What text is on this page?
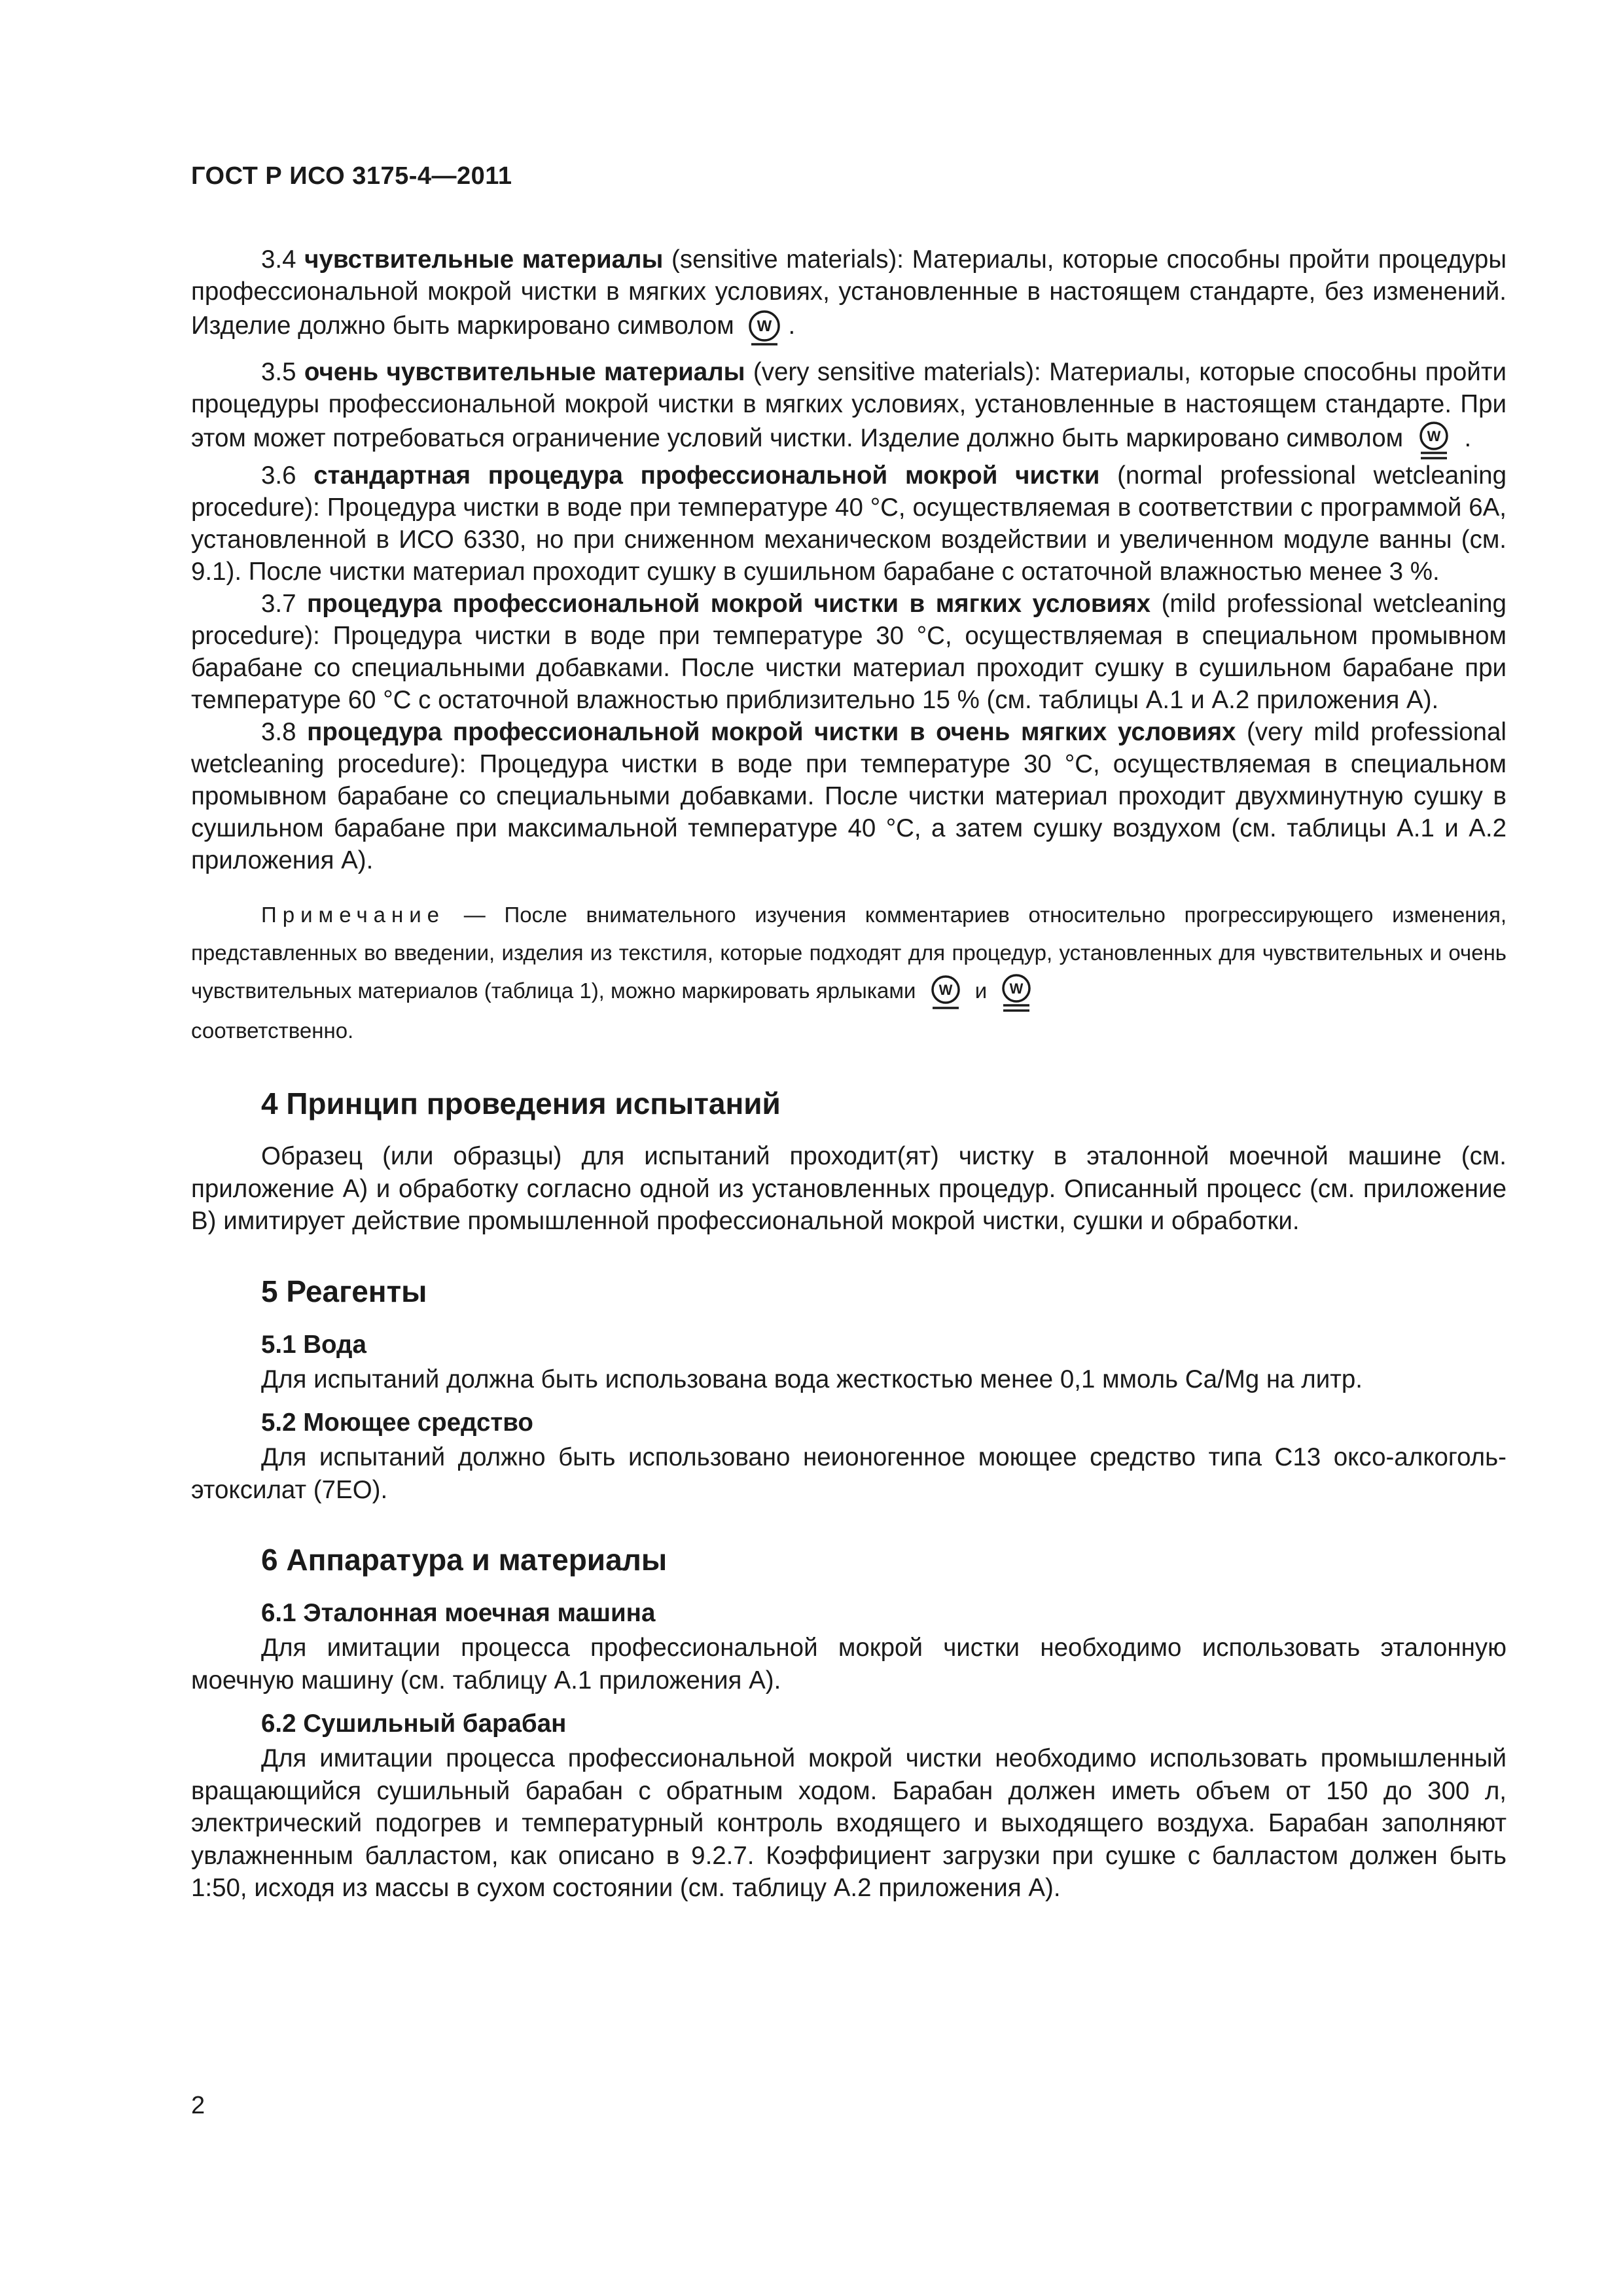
ГОСТ Р ИСО 3175-4—2011

3.4 чувствительные материалы (sensitive materials): Материалы, которые способны пройти процедуры профессиональной мокрой чистки в мягких условиях, установленные в настоящем стандарте, без изменений. Изделие должно быть маркировано символом W .

3.5 очень чувствительные материалы (very sensitive materials): Материалы, которые способны пройти процедуры профессиональной мокрой чистки в мягких условиях, установленные в настоящем стандарте. При этом может потребоваться ограничение условий чистки. Изделие должно быть маркировано символом W .

3.6 стандартная процедура профессиональной мокрой чистки (normal professional wetcleaning procedure): Процедура чистки в воде при температуре 40 °С, осуществляемая в соответствии с программой 6А, установленной в ИСО 6330, но при сниженном механическом воздействии и увеличенном модуле ванны (см. 9.1). После чистки материал проходит сушку в сушильном барабане с остаточной влажностью менее 3 %.

3.7 процедура профессиональной мокрой чистки в мягких условиях (mild professional wetcleaning procedure): Процедура чистки в воде при температуре 30 °С, осуществляемая в специальном промывном барабане со специальными добавками. После чистки материал проходит сушку в сушильном барабане при температуре 60 °С с остаточной влажностью приблизительно 15 % (см. таблицы А.1 и А.2 приложения А).

3.8 процедура профессиональной мокрой чистки в очень мягких условиях (very mild professional wetcleaning procedure): Процедура чистки в воде при температуре 30 °С, осуществляемая в специальном промывном барабане со специальными добавками. После чистки материал проходит двухминутную сушку в сушильном барабане при максимальной температуре 40 °С, а затем сушку воздухом (см. таблицы А.1 и А.2 приложения А).

Примечание — После внимательного изучения комментариев относительно прогрессирующего изменения, представленных во введении, изделия из текстиля, которые подходят для процедур, установленных для чувствительных и очень чувствительных материалов (таблица 1), можно маркировать ярлыками W и W

соответственно.

4 Принцип проведения испытаний

Образец (или образцы) для испытаний проходит(ят) чистку в эталонной моечной машине (см. приложение А) и обработку согласно одной из установленных процедур. Описанный процесс (см. приложение В) имитирует действие промышленной профессиональной мокрой чистки, сушки и обработки.

5 Реагенты
5.1 Вода

Для испытаний должна быть использована вода жесткостью менее 0,1 ммоль Ca/Mg на литр.

5.2 Моющее средство

Для испытаний должно быть использовано неионогенное моющее средство типа C13 оксо-алкоголь-этоксилат (7EO).

6 Аппаратура и материалы
6.1 Эталонная моечная машина

Для имитации процесса профессиональной мокрой чистки необходимо использовать эталонную моечную машину (см. таблицу А.1 приложения А).

6.2 Сушильный барабан

Для имитации процесса профессиональной мокрой чистки необходимо использовать промышленный вращающийся сушильный барабан с обратным ходом. Барабан должен иметь объем от 150 до 300 л, электрический подогрев и температурный контроль входящего и выходящего воздуха. Барабан заполняют увлажненным балластом, как описано в 9.2.7. Коэффициент загрузки при сушке с балластом должен быть 1:50, исходя из массы в сухом состоянии (см. таблицу А.2 приложения А).

2
